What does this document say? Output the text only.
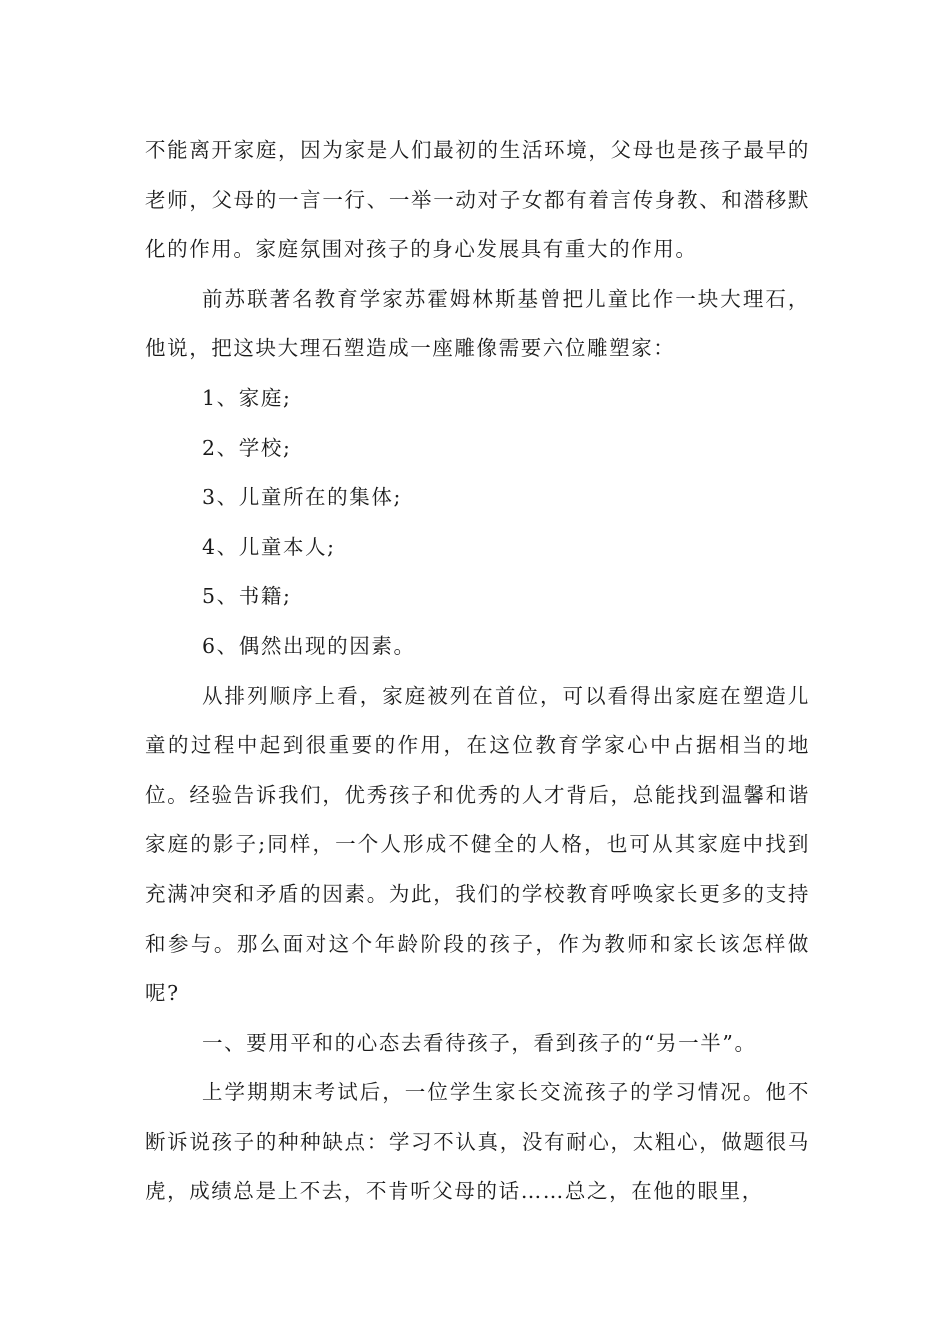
不能离开家庭，因为家是人们最初的生活环境，父母也是孩子最早的老师，父母的一言一行、一举一动对子女都有着言传身教、和潜移默化的作用。家庭氛围对孩子的身心发展具有重大的作用。

前苏联著名教育学家苏霍姆林斯基曾把儿童比作一块大理石，他说，把这块大理石塑造成一座雕像需要六位雕塑家：

1、家庭;

2、学校;

3、儿童所在的集体;

4、儿童本人;

5、书籍;

6、偶然出现的因素。

从排列顺序上看，家庭被列在首位，可以看得出家庭在塑造儿童的过程中起到很重要的作用，在这位教育学家心中占据相当的地位。经验告诉我们，优秀孩子和优秀的人才背后，总能找到温馨和谐家庭的影子;同样，一个人形成不健全的人格，也可从其家庭中找到充满冲突和矛盾的因素。为此，我们的学校教育呼唤家长更多的支持和参与。那么面对这个年龄阶段的孩子，作为教师和家长该怎样做呢?

一、要用平和的心态去看待孩子，看到孩子的“另一半”。

上学期期末考试后，一位学生家长交流孩子的学习情况。他不断诉说孩子的种种缺点：学习不认真，没有耐心，太粗心，做题很马虎，成绩总是上不去，不肯听父母的话……总之，在他的眼里，
